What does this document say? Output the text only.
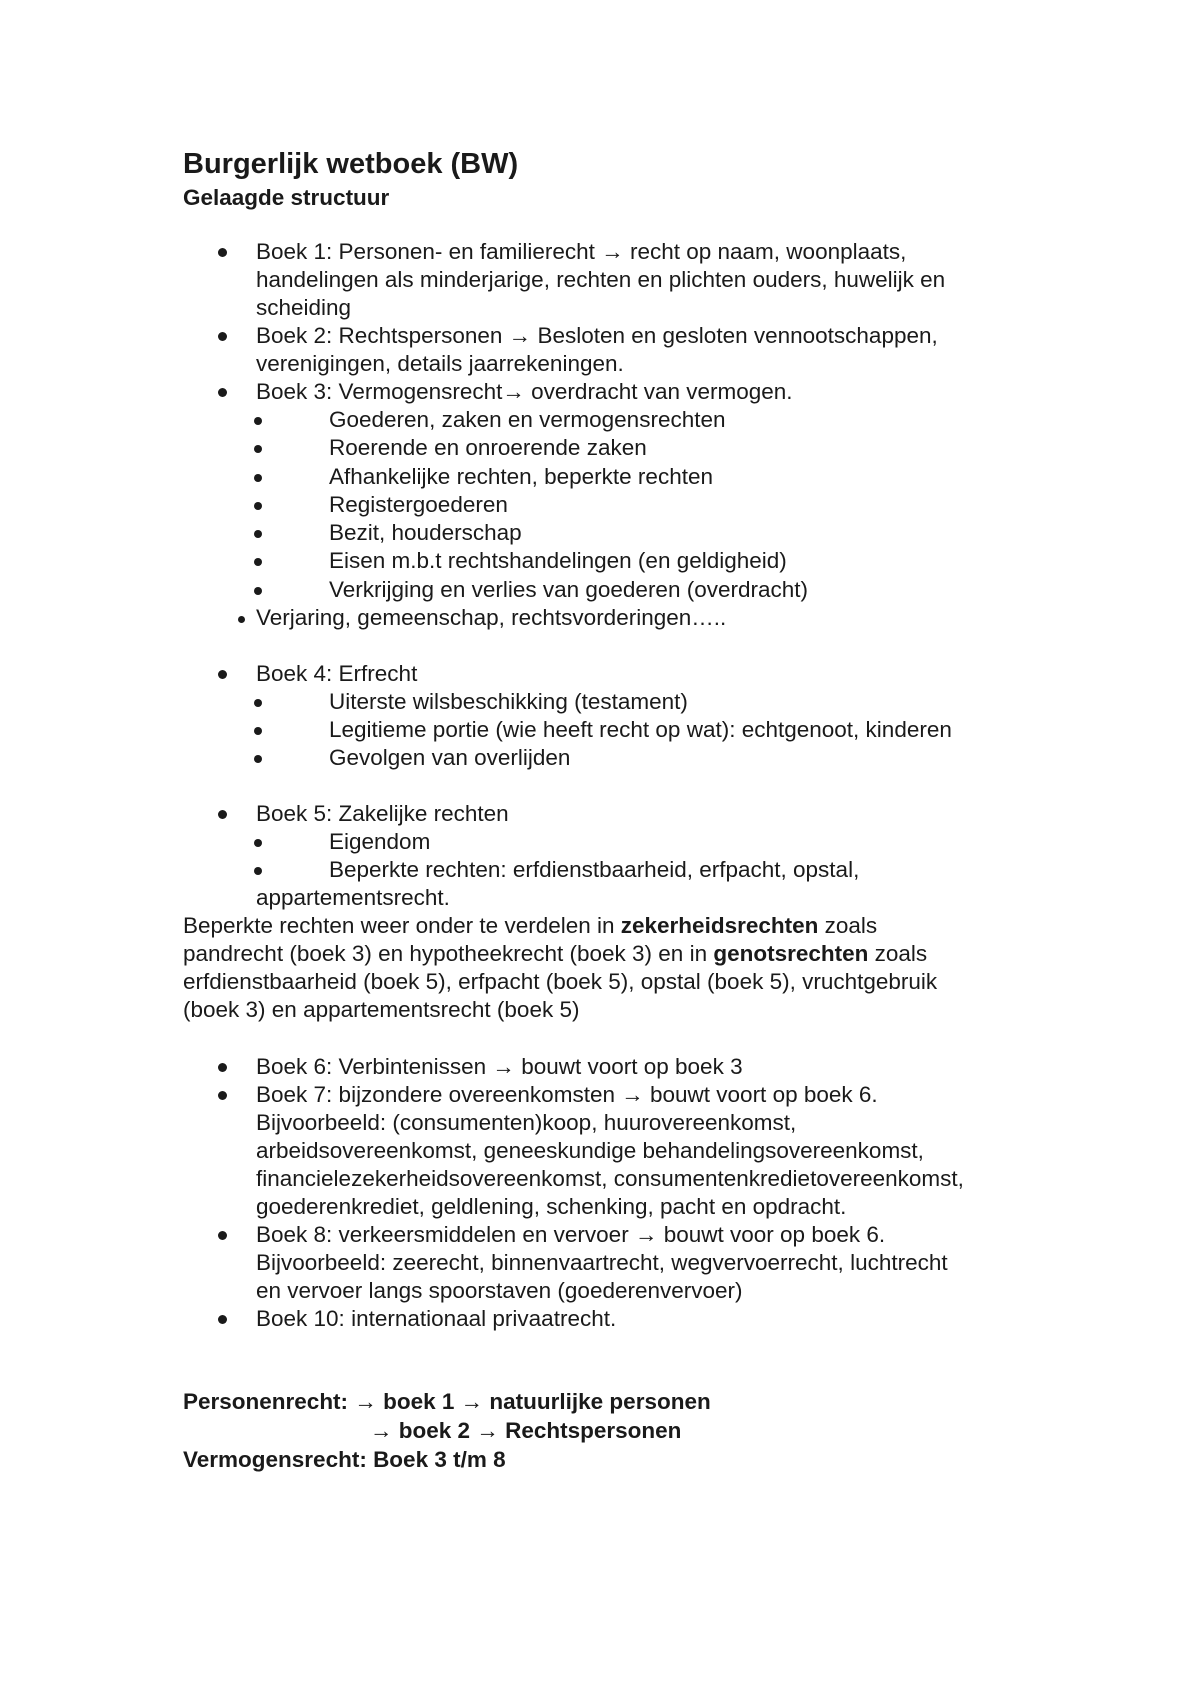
Burgerlijk wetboek (BW)
Gelaagde structuur
Boek 1: Personen- en familierecht → recht op naam, woonplaats,
handelingen als minderjarige, rechten en plichten ouders, huwelijk en
scheiding
Boek 2: Rechtspersonen → Besloten en gesloten vennootschappen,
verenigingen, details jaarrekeningen.
Boek 3: Vermogensrecht→ overdracht van vermogen.
Goederen, zaken en vermogensrechten
Roerende en onroerende zaken
Afhankelijke rechten, beperkte rechten
Registergoederen
Bezit, houderschap
Eisen m.b.t rechtshandelingen (en geldigheid)
Verkrijging en verlies van goederen (overdracht)
Verjaring, gemeenschap, rechtsvorderingen…..
Boek 4: Erfrecht
Uiterste wilsbeschikking (testament)
Legitieme portie (wie heeft recht op wat): echtgenoot, kinderen
Gevolgen van overlijden
Boek 5: Zakelijke rechten
Eigendom
Beperkte rechten: erfdienstbaarheid, erfpacht, opstal,
appartementsrecht.
Beperkte rechten weer onder te verdelen in zekerheidsrechten zoals
pandrecht (boek 3) en hypotheekrecht (boek 3) en in genotsrechten zoals
erfdienstbaarheid (boek 5), erfpacht (boek 5), opstal (boek 5), vruchtgebruik
(boek 3) en appartementsrecht (boek 5)
Boek 6: Verbintenissen → bouwt voort op boek 3
Boek 7: bijzondere overeenkomsten → bouwt voort op boek 6.
Bijvoorbeeld: (consumenten)koop, huurovereenkomst,
arbeidsovereenkomst, geneeskundige behandelingsovereenkomst,
financielezekerheidsovereenkomst, consumentenkredietovereenkomst,
goederenkrediet, geldlening, schenking, pacht en opdracht.
Boek 8: verkeersmiddelen en vervoer → bouwt voor op boek 6.
Bijvoorbeeld: zeerecht, binnenvaartrecht, wegvervoerrecht, luchtrecht
en vervoer langs spoorstaven (goederenvervoer)
Boek 10: internationaal privaatrecht.
Personenrecht: → boek 1 → natuurlijke personen
→ boek 2 → Rechtspersonen
Vermogensrecht: Boek 3 t/m 8
